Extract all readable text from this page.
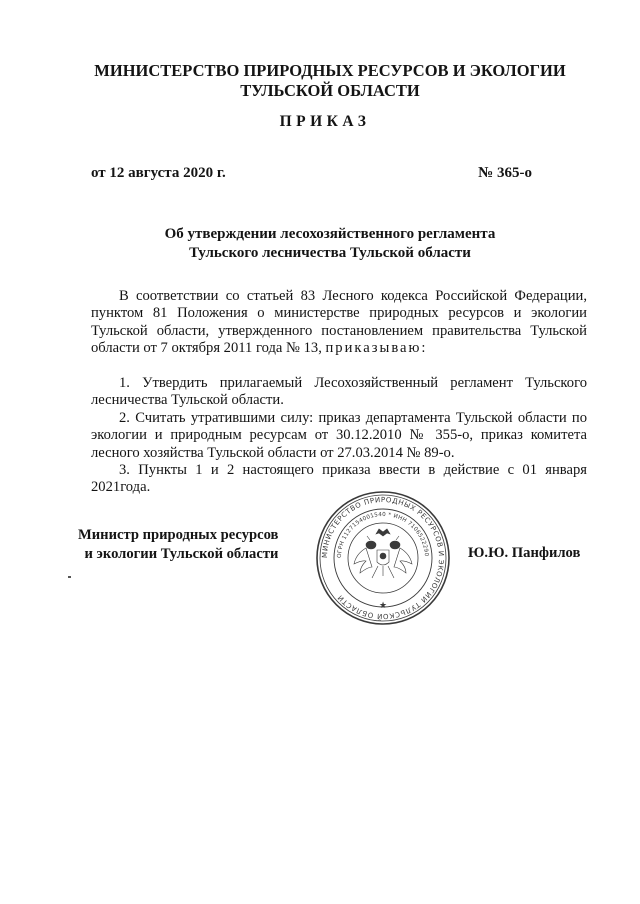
МИНИСТЕРСТВО ПРИРОДНЫХ РЕСУРСОВ И ЭКОЛОГИИ
ТУЛЬСКОЙ ОБЛАСТИ
ПРИКАЗ
от 12 августа 2020 г.	№ 365-о
Об утверждении лесохозяйственного регламента
Тульского лесничества Тульской области

В соответствии со статьей 83 Лесного кодекса Российской Федерации, пунктом 81 Положения о министерстве природных ресурсов и экологии Тульской области, утвержденного постановлением правительства Тульской области от 7 октября 2011 года № 13, приказываю:

1. Утвердить прилагаемый Лесохозяйственный регламент Тульского лесничества Тульской области.

2. Считать утратившими силу: приказ департамента Тульской области по экологии и природным ресурсам от 30.12.2010 № 355-о, приказ комитета лесного хозяйства Тульской области от 27.03.2014 № 89-о.

3. Пункты 1 и 2 настоящего приказа ввести в действие с 01 января 2021года.

Министр природных ресурсов
и экологии Тульской области	МИНИСТЕРСТВО ПРИРОДНЫХ РЕСУРСОВ И ЭКОЛОГИИ ТУЛЬСКОЙ ОБЛАСТИ
ОГРН 1127154001540 * ИНН 7106522290
★
Ю.Ю. Панфилов
